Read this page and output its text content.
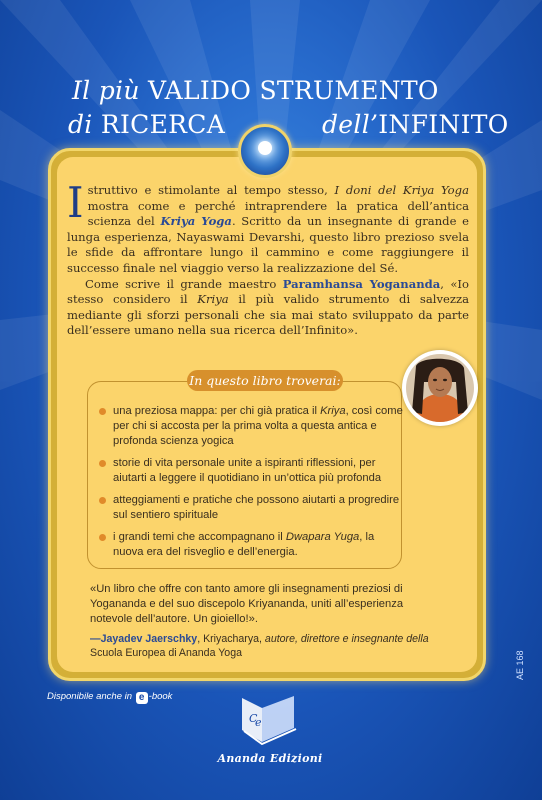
Il più VALIDO STRUMENTO
di RICERCA	dell’INFINITO

Istruttivo e stimolante al tempo stesso, I doni del Kriya Yoga mostra come e perché intraprendere la pratica dell’antica scienza del Kriya Yoga. Scritto da un insegnante di grande e lunga esperienza, Nayaswami Devarshi, questo libro prezioso svela le sfide da affrontare lungo il cammino e come raggiungere il successo finale nel viaggio verso la realizzazione del Sé.

Come scrive il grande maestro Paramhansa Yogananda, «Io stesso considero il Kriya il più valido strumento di salvezza mediante gli sforzi personali che sia mai stato sviluppato da parte dell’essere umano nella sua ricerca dell’Infinito».

In questo libro troverai:
una preziosa mappa: per chi già pratica il Kriya, così come per chi si accosta per la prima volta a questa antica e profonda scienza yogica
storie di vita personale unite a ispiranti riflessioni, per aiutarti a leggere il quotidiano in un’ottica più profonda
atteggiamenti e pratiche che possono aiutarti a progredire sul sentiero spirituale
i grandi temi che accompagnano il Dwapara Yuga, la nuova era del risveglio e dell’energia.

«Un libro che offre con tanto amore gli insegnamenti preziosi di Yogananda e del suo discepolo Kriyananda, uniti all’esperienza notevole dell’autore. Un gioiello!».

—Jayadev Jaerschky, Kriyacharya, autore, direttore e insegnante della
Scuola Europea di Ananda Yoga
Disponibile anche in e -book
AE 168
C
e
Ananda Edizioni
